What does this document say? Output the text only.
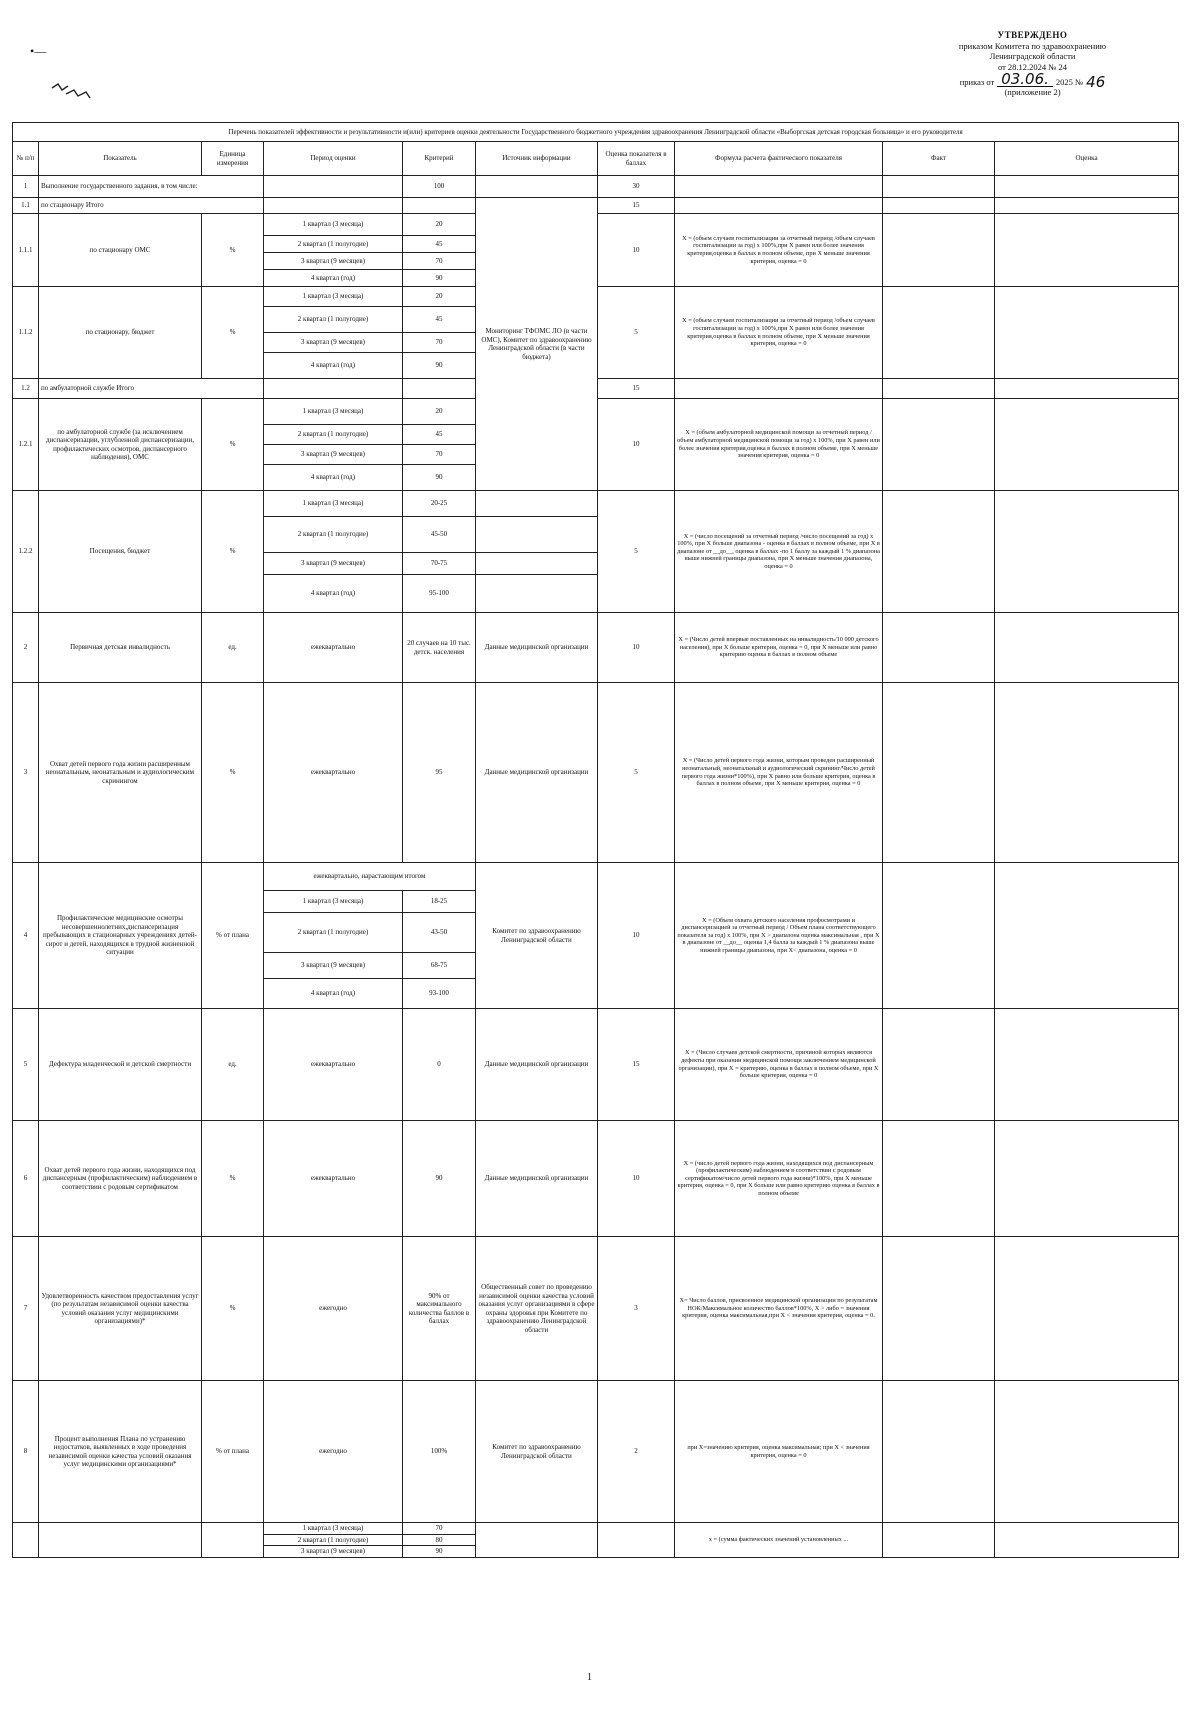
•—
УТВЕРЖДЕНО
приказом Комитета по здравоохранению
Ленинградской области
от 28.12.2024 № 24
приказ от 03.06. 2025 № 46
(приложение 2)
Перечень показателей эффективности и результативности и(или) критериев оценки деятельности Государственного бюджетного учреждения здравоохранения Ленинградской области «Выборгская детская городская больница» и его руководителя									
№ п/п	Показатель	Единица измерения	Период оценки	Критерий	Источник информации	Оценка показателя в баллах	Формула расчета фактического показателя	Факт	Оценка
1	Выполнение государственного задания, в том числе:			100		30			
1.1	по стационару Итого				Мониторинг ТФОМС ЛО (в части ОМС), Комитет по здравоохранению Ленинградской области (в части бюджета)	15			
1.1.1	по стационару ОМС	%	1 квартал (3 месяца)	20		10	X = (объем случаев госпитализации за отчетный период /объем случаев госпитализации за год) x 100%,при X равен или более значения критерия,оценка в баллах в полном объеме, при X меньше значения критерия, оценка = 0		
			2 квартал (1 полугодие)	45					
			3 квартал (9 месяцев)	70					
			4 квартал (год)	90					
1.1.2	по стационару, бюджет	%	1 квартал (3 месяца)	20		5	X = (объем случаев госпитализации за отчетный период /объем случаев госпитализации за год) x 100%,при X равен или более значения критерия,оценка в баллах в полном объеме, при X меньше значения критерия, оценка = 0		
			2 квартал (1 полугодие)	45					
			3 квартал (9 месяцев)	70					
			4 квартал (год)	90					
1.2	по амбулаторной службе Итого					15			
1.2.1	по амбулаторной службе (за исключением диспансеризации, углубленной диспансеризации, профилактических осмотров, диспансерного наблюдения), ОМС	%	1 квартал (3 месяца)	20		10	X = (объем амбулаторной медицинской помощи за отчетный период / объем амбулаторной медицинской помощи за год) x 100%, при X равен или более значения критерия,оценка в баллах в полном объеме, при X меньше значения критерия, оценка = 0		
			2 квартал (1 полугодие)	45					
			3 квартал (9 месяцев)	70					
			4 квартал (год)	90					
1.2.2	Посещения, бюджет	%	1 квартал (3 месяца)	20-25		5	X = (число посещений за отчетный период /число посещений за год) x 100%, при X больше диапазона - оценка в баллах в полном объеме, при X в диапазоне от __до__, оценка в баллах -по 1 баллу за каждый 1 % диапазона выше нижней границы диапазона, при X меньше значения диапазона, оценка = 0		
			2 квартал (1 полугодие)	45-50					
			3 квартал (9 месяцев)	70-75					
			4 квартал (год)	95-100					
2	Первичная детская инвалидность	ед.	ежеквартально	20 случаев на 10 тыс. детск. населения	Данные медицинской организации	10	X = (Число детей впервые поставленных на инвалидность/10 000 детского населения), при X больше критерия, оценка = 0, при X меньше или равно критерию оценка в баллах в полном объеме		
3	Охват детей первого года жизни расширенным неонатальным, неонатальным и аудиологическим скринингом	%	ежеквартально	95	Данные медицинской организации	5	X = (Число детей первого года жизни, которым проведен расширенный неонатальный, неонатальный и аудиологический скрининг/Число детей первого года жизни*100%), при X равно или больше критерия, оценка в баллах в полном объеме, при X меньше критерия, оценка = 0		
4	Профилактические медицинские осмотры несовершеннолетних,диспансеризация пребывающих в стационарных учреждениях детей-сирот и детей, находящихся в трудной жизненной ситуации	% от плана	ежеквартально, нарастающим итогом		Комитет по здравоохранению Ленинградской области	10	X = (Объем охвата детского населения профосмотрами и диспансеризацией за отчетный период / Объем плана соответствующего показателя за год) x 100%, при X > диапазона оценка максимальная , при X в диапазоне от __до__ оценка 1,4 балла за каждый 1 % диапазона выше нижней границы диапазона, при X< диапазона, оценка = 0		
			1 квартал (3 месяца)	18-25					
			2 квартал (1 полугодие)	43-50					
			3 квартал (9 месяцев)	68-75					
			4 квартал (год)	93-100					
5	Дефектура младенческой и детской смертности	ед.	ежеквартально	0	Данные медицинской организации	15	X = (Число случаев детской смертности, причиной которых являются дефекты при оказании медицинской помощи заключением медицинской организации), при X = критерию, оценка в баллах в полном объеме, при X больше критерия, оценка = 0		
6	Охват детей первого года жизни, находящихся под диспансерным (профилактическим) наблюдением в соответствии с родовым сертификатом	%	ежеквартально	90	Данные медицинской организации	10	X = (число детей первого года жизни, находящихся под диспансерным (профилактическим) наблюдением в соответствии с родовым сертификатом/число детей первого года жизни)*100%, при X меньше критерия, оценка = 0, при X больше или равно критерию оценка в баллах в полном объеме		
7	Удовлетворенность качеством предоставления услуг (по результатам независимой оценки качества условий оказания услуг медицинскими организациями)*	%	ежегодно	90% от максимального количества баллов в баллах	Общественный совет по проведению независимой оценки качества условий оказания услуг организациями в сфере охраны здоровья при Комитете по здравоохранению Ленинградской области	3	X= Число баллов, присвоенное медицинской организации по результатам НОК/Максимальное количество баллов*100%, X > либо = значения критерия, оценка максимальная,при X < значения критерия, оценка = 0.		
8	Процент выполнения Плана по устранению недостатков, выявленных в ходе проведения независимой оценки качества условий оказания услуг медицинскими организациями*	% от плана	ежегодно	100%	Комитет по здравоохранению Ленинградской области	2	при X=значению критерия, оценка максимальная; при X < значения критерия, оценка = 0		
			1 квартал (3 месяца)	70			x = (сумма фактических значений установленных ...		
			2 квартал (1 полугодие)	80					
			3 квартал (9 месяцев)	90					
1
